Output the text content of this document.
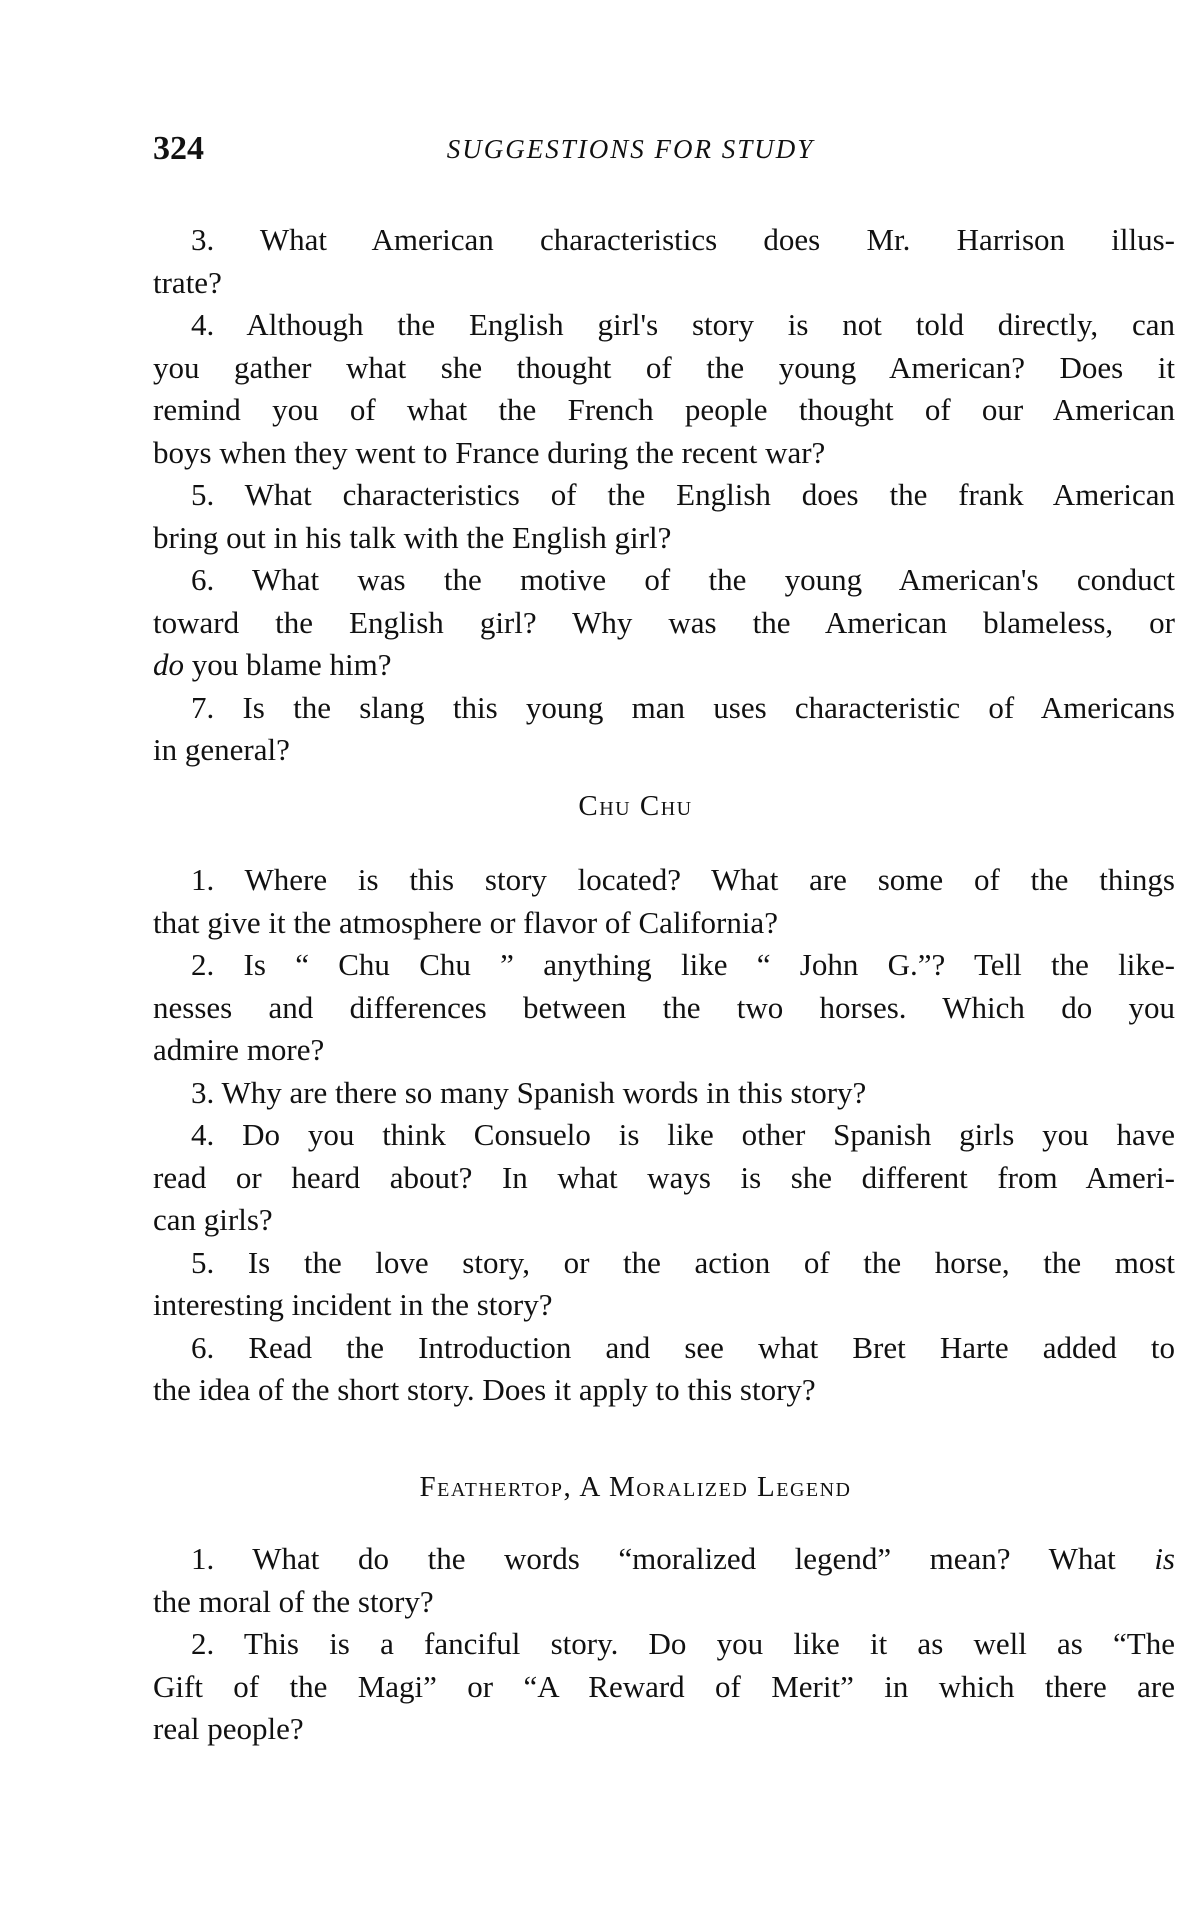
324	SUGGESTIONS FOR STUDY
3. What American characteristics does Mr. Harrison illus-
trate?
4. Although the English girl's story is not told directly, can
you gather what she thought of the young American? Does it
remind you of what the French people thought of our American
boys when they went to France during the recent war?
5. What characteristics of the English does the frank American
bring out in his talk with the English girl?
6. What was the motive of the young American's conduct
toward the English girl? Why was the American blameless, or
do you blame him?
7. Is the slang this young man uses characteristic of Americans
in general?
Chu Chu
1. Where is this story located? What are some of the things
that give it the atmosphere or flavor of California?
2. Is “ Chu Chu ” anything like “ John G.”? Tell the like-
nesses and differences between the two horses. Which do you
admire more?
3. Why are there so many Spanish words in this story?
4. Do you think Consuelo is like other Spanish girls you have
read or heard about? In what ways is she different from Ameri-
can girls?
5. Is the love story, or the action of the horse, the most
interesting incident in the story?
6. Read the Introduction and see what Bret Harte added to
the idea of the short story. Does it apply to this story?
Feathertop, A Moralized Legend
1. What do the words “moralized legend” mean? What is
the moral of the story?
2. This is a fanciful story. Do you like it as well as “The
Gift of the Magi” or “A Reward of Merit” in which there are
real people?
